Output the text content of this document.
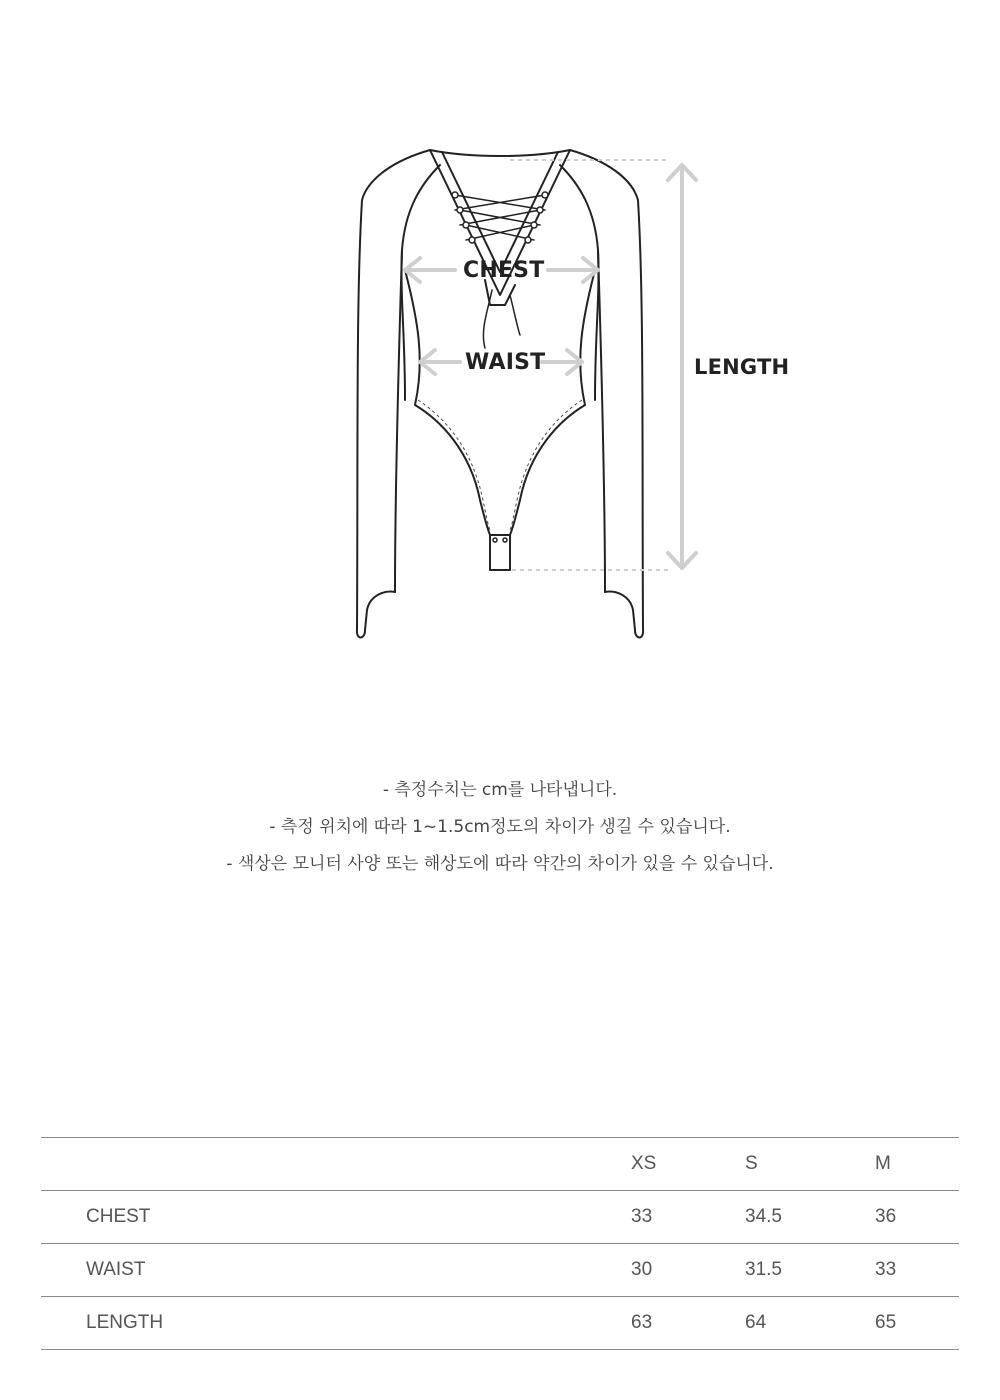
CHEST
WAIST	LENGTH
- 측정수치는 cm를 나타냅니다.
- 측정 위치에 따라 1~1.5cm정도의 차이가 생길 수 있습니다.
- 색상은 모니터 사양 또는 해상도에 따라 약간의 차이가 있을 수 있습니다.
	XS	S	M
CHEST	33	34.5	36
WAIST	30	31.5	33
LENGTH	63	64	65
